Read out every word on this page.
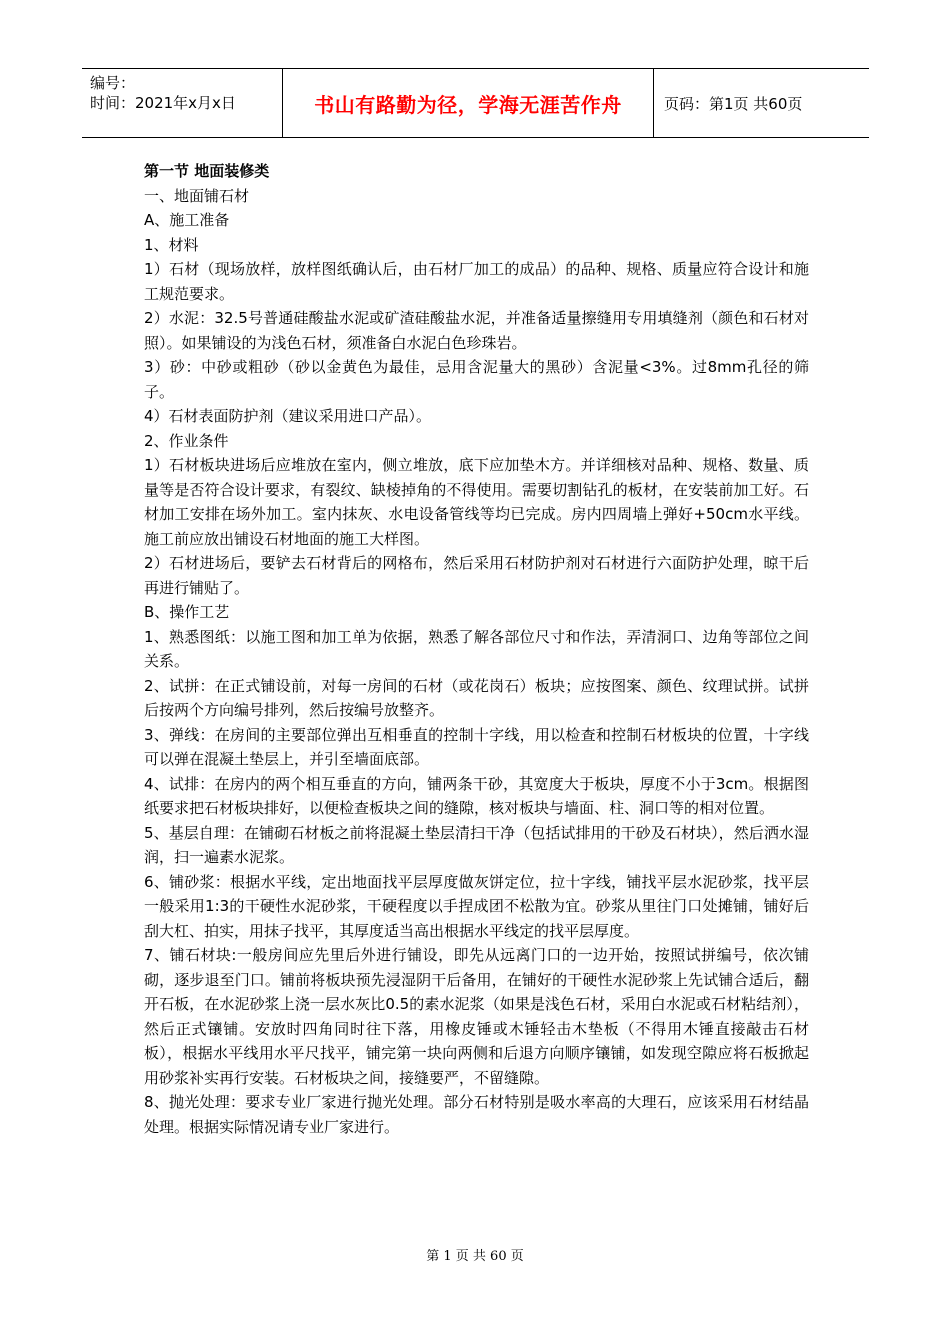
编号：
时间：2021年x月x日	书山有路勤为径，学海无涯苦作舟	页码：第1页 共60页

第一节 地面装修类

一、地面铺石材

A、施工准备

1、材料

1）石材（现场放样，放样图纸确认后，由石材厂加工的成品）的品种、规格、质量应符合设计和施工规范要求。

2）水泥：32.5号普通硅酸盐水泥或矿渣硅酸盐水泥，并准备适量擦缝用专用填缝剂（颜色和石材对照）。如果铺设的为浅色石材，须准备白水泥白色珍珠岩。

3）砂：中砂或粗砂（砂以金黄色为最佳，忌用含泥量大的黑砂）含泥量<3%。过8mm孔径的筛子。

4）石材表面防护剂（建议采用进口产品）。

2、作业条件

1）石材板块进场后应堆放在室内，侧立堆放，底下应加垫木方。并详细核对品种、规格、数量、质量等是否符合设计要求，有裂纹、缺棱掉角的不得使用。需要切割钻孔的板材，在安装前加工好。石材加工安排在场外加工。室内抹灰、水电设备管线等均已完成。房内四周墙上弹好+50cm水平线。施工前应放出铺设石材地面的施工大样图。

2）石材进场后，要铲去石材背后的网格布，然后采用石材防护剂对石材进行六面防护处理，晾干后再进行铺贴了。

B、操作工艺

1、熟悉图纸：以施工图和加工单为依据，熟悉了解各部位尺寸和作法，弄清洞口、边角等部位之间关系。

2、试拼：在正式铺设前，对每一房间的石材（或花岗石）板块；应按图案、颜色、纹理试拼。试拼后按两个方向编号排列，然后按编号放整齐。

3、弹线：在房间的主要部位弹出互相垂直的控制十字线，用以检查和控制石材板块的位置，十字线可以弹在混凝土垫层上，并引至墙面底部。

4、试排：在房内的两个相互垂直的方向，铺两条干砂，其宽度大于板块，厚度不小于3cm。根据图纸要求把石材板块排好，以便检查板块之间的缝隙，核对板块与墙面、柱、洞口等的相对位置。

5、基层自理：在铺砌石材板之前将混凝土垫层清扫干净（包括试排用的干砂及石材块），然后洒水湿润，扫一遍素水泥浆。

6、铺砂浆：根据水平线，定出地面找平层厚度做灰饼定位，拉十字线，铺找平层水泥砂浆，找平层一般采用1:3的干硬性水泥砂浆，干硬程度以手捏成团不松散为宜。砂浆从里往门口处摊铺，铺好后刮大杠、拍实，用抹子找平，其厚度适当高出根据水平线定的找平层厚度。

7、铺石材块:一般房间应先里后外进行铺设，即先从远离门口的一边开始，按照试拼编号，依次铺砌，逐步退至门口。铺前将板块预先浸湿阴干后备用，在铺好的干硬性水泥砂浆上先试铺合适后，翻开石板，在水泥砂浆上浇一层水灰比0.5的素水泥浆（如果是浅色石材，采用白水泥或石材粘结剂），然后正式镶铺。安放时四角同时往下落，用橡皮锤或木锤轻击木垫板（不得用木锤直接敲击石材板），根据水平线用水平尺找平，铺完第一块向两侧和后退方向顺序镶铺，如发现空隙应将石板掀起用砂浆补实再行安装。石材板块之间，接缝要严，不留缝隙。

8、抛光处理：要求专业厂家进行抛光处理。部分石材特别是吸水率高的大理石，应该采用石材结晶处理。根据实际情况请专业厂家进行。

第 1 页 共 60 页
